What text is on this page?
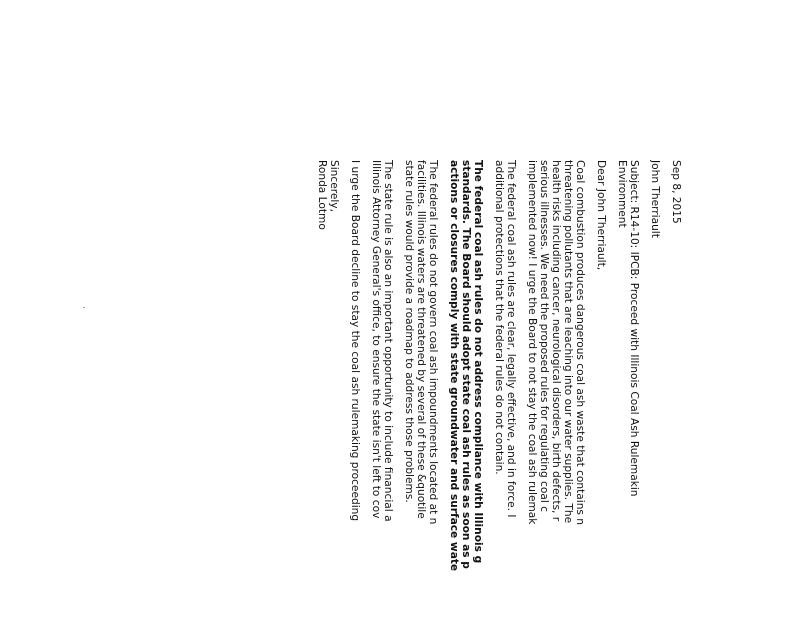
Sep 8, 2015
John Therriault
Subject: R14-10: IPCB: Proceed with Illinois Coal Ash Rulemakin
Environment
Dear John Therriault,
Coal combustion produces dangerous coal ash waste that contains n
threatening pollutants that are leaching into our water supplies. The
health risks including cancer, neurological disorders, birth defects, r
serious illnesses. We need the proposed rules for regulating coal c
implemented now! I urge the Board to not stay the coal ash rulemak
The federal coal ash rules are clear, legally effective, and in force. I
additional protections that the federal rules do not contain.
The federal coal ash rules do not address compliance with Illinois g
standards. The Board should adopt state coal ash rules as soon as p
actions or closures comply with state groundwater and surface wate
The federal rules do not govern coal ash impoundments located at n
facilities. Illinois waters are threatened by several of these &quotile
state rules would provide a roadmap to address those problems.
The state rule is also an important opportunity to include financial a
Illinois Attorney General's office, to ensure the state isn't left to cov
I urge the Board decline to stay the coal ash rulemaking proceeding
Sincerely,
Ronda Lotmo
